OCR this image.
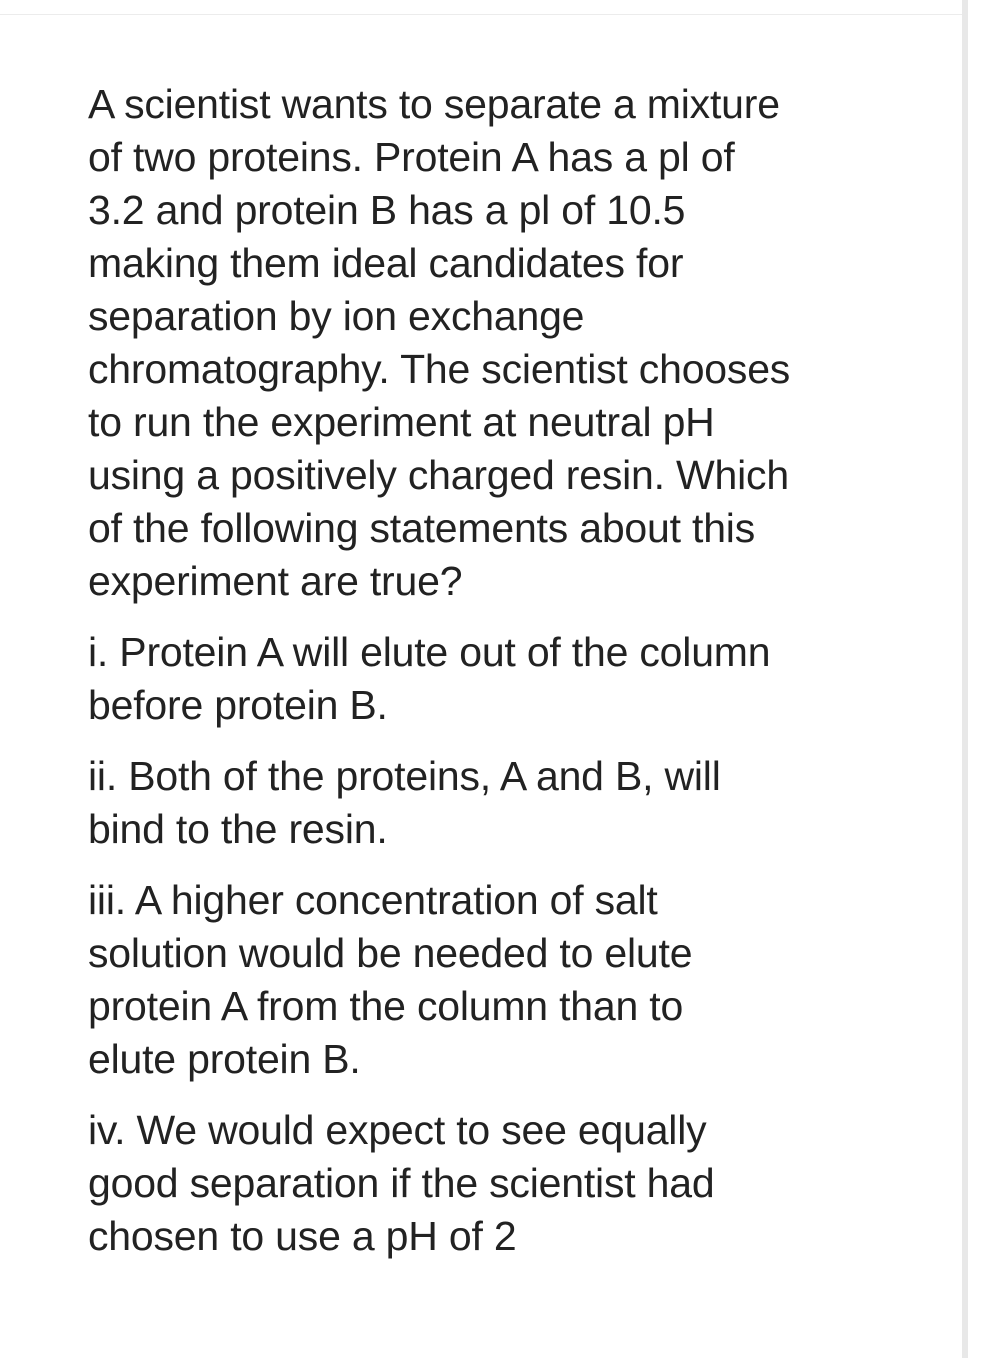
A scientist wants to separate a mixture
of two proteins. Protein A has a pl of
3.2 and protein B has a pl of 10.5
making them ideal candidates for
separation by ion exchange
chromatography. The scientist chooses
to run the experiment at neutral pH
using a positively charged resin. Which
of the following statements about this
experiment are true?
i. Protein A will elute out of the column
before protein B.
ii. Both of the proteins, A and B, will
bind to the resin.
iii. A higher concentration of salt
solution would be needed to elute
protein A from the column than to
elute protein B.
iv. We would expect to see equally
good separation if the scientist had
chosen to use a pH of 2
